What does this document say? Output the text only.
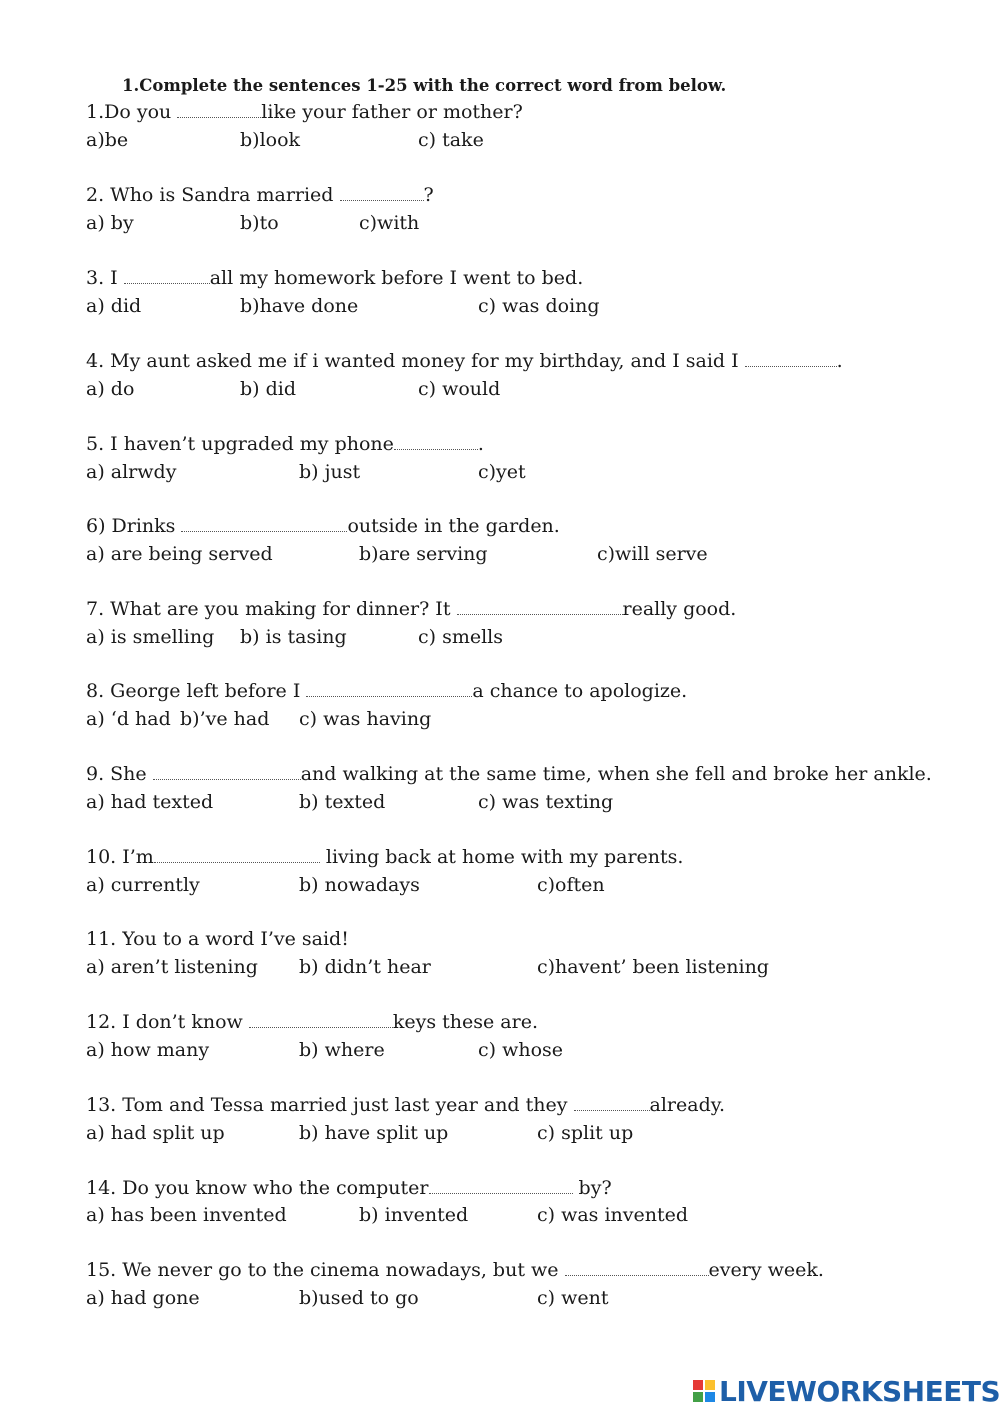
1.Complete the sentences 1-25 with the correct word from below.
1.Do you	like your father or mother?
a)be	b)look	c) take
2. Who is Sandra married	?
a) by	b)to	c)with
3. I	all my homework before I went to bed.
a) did	b)have done	c) was doing
4. My aunt asked me if i wanted money for my birthday, and I said I	.
a) do	b) did	c) would
5. I haven’t upgraded my phone	.
a) alrwdy	b) just	c)yet
6) Drinks	outside in the garden.
a) are being served	b)are serving	c)will serve
7. What are you making for dinner? It	really good.
a) is smelling b) is tasing	c) smells
8. George left before I	a chance to apologize.
a) ‘d had b)’ve had c) was having
9. She	and walking at the same time, when she fell and broke her ankle.
a) had texted	b) texted	c) was texting
10. I’m	living back at home with my parents.
a) currently	b) nowadays	c)often
11. You to a word I’ve said!
a) aren’t listening b) didn’t hear	c)havent’ been listening
12. I don’t know	keys these are.
a) how many	b) where	c) whose
13. Tom and Tessa married just last year and they	already.
a) had split up	b) have split up	c) split up
14. Do you know who the computer	by?
a) has been invented	b) invented	c) was invented
15. We never go to the cinema nowadays, but we	every week.
a) had gone	b)used to go	c) went
LIVEWORKSHEETS
